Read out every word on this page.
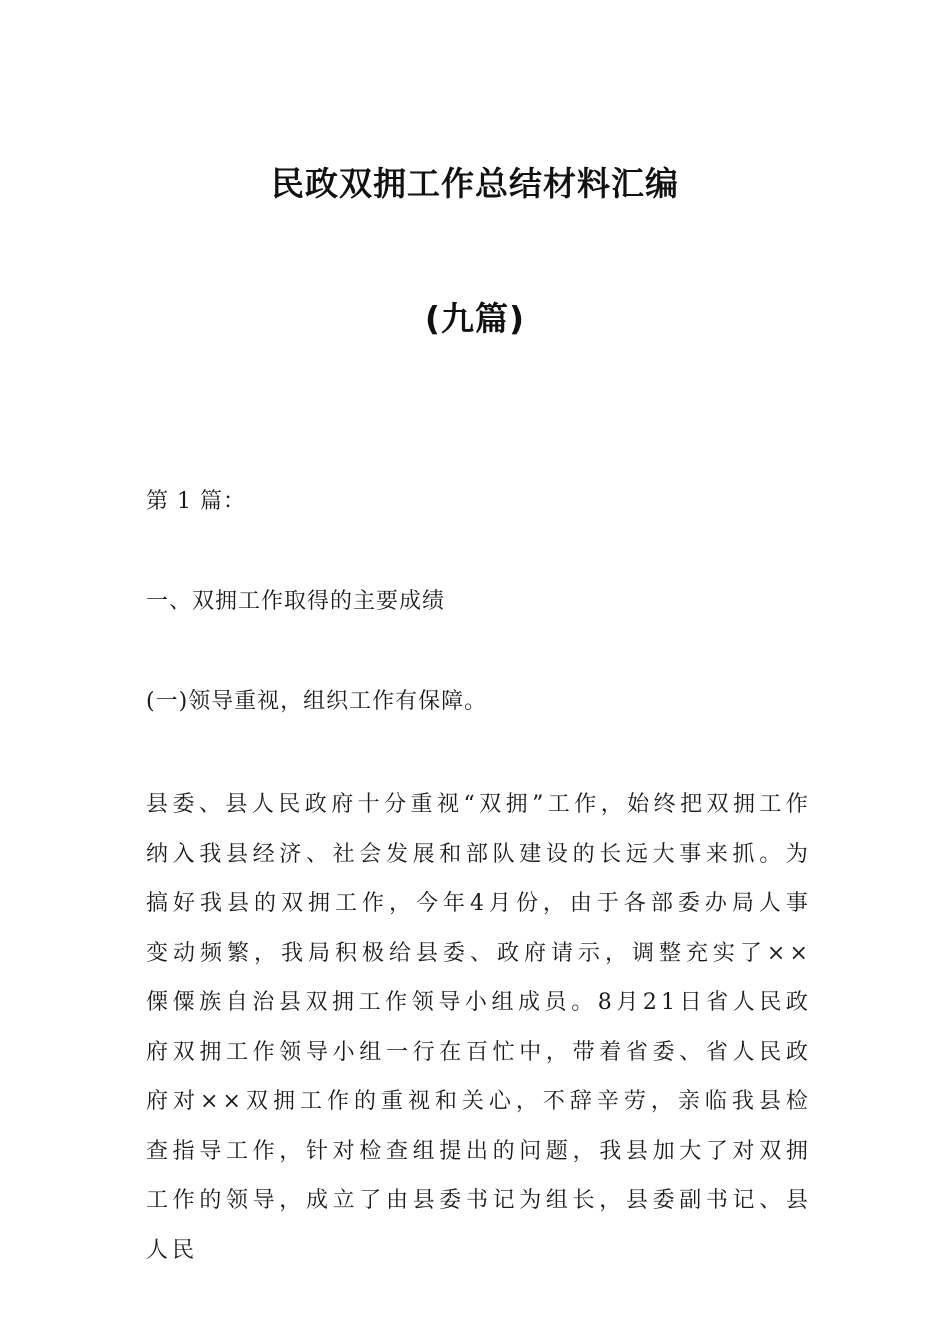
民政双拥工作总结材料汇编
(九篇)
第 1 篇：
一、双拥工作取得的主要成绩
(一)领导重视，组织工作有保障。
县委、县人民政府十分重视“双拥”工作，始终把双拥工作纳入我县经济、社会发展和部队建设的长远大事来抓。为搞好我县的双拥工作，今年4月份，由于各部委办局人事变动频繁，我局积极给县委、政府请示，调整充实了××傈僳族自治县双拥工作领导小组成员。8月21日省人民政府双拥工作领导小组一行在百忙中，带着省委、省人民政府对××双拥工作的重视和关心，不辞辛劳，亲临我县检查指导工作，针对检查组提出的问题，我县加大了对双拥工作的领导，成立了由县委书记为组长，县委副书记、县人民
